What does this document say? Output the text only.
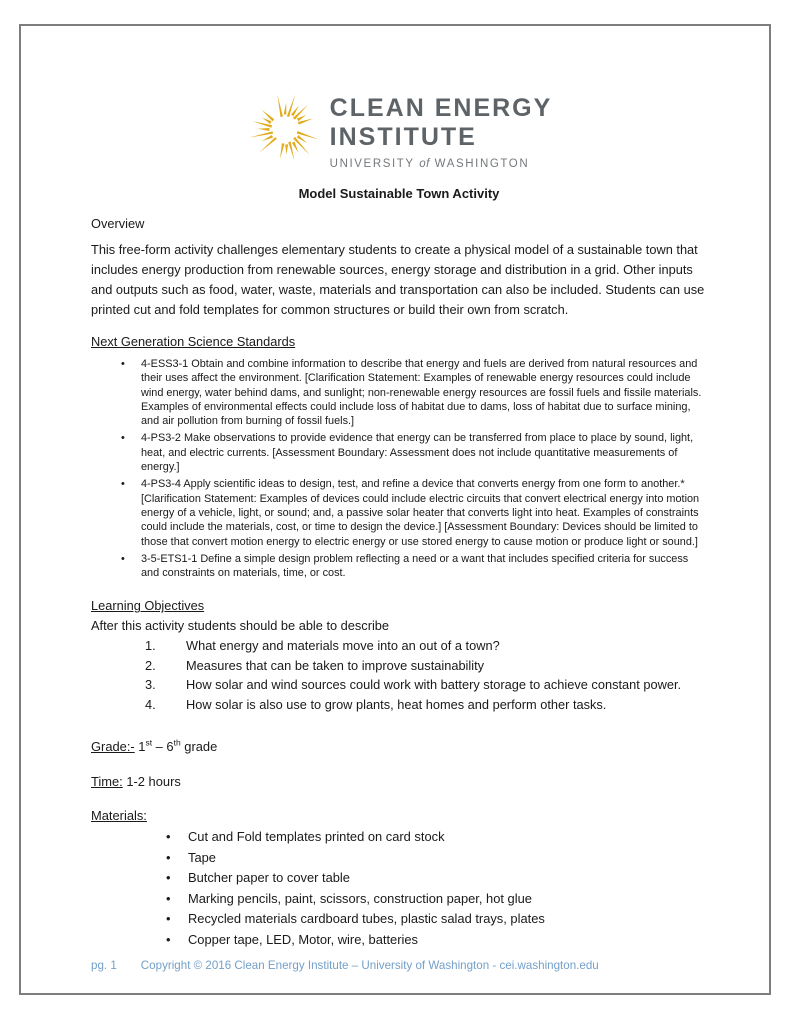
CLEAN ENERGY
INSTITUTE
UNIVERSITY of WASHINGTON
Model Sustainable Town Activity
Overview
This free-form activity challenges elementary students to create a physical model of a sustainable town that includes energy production from renewable sources, energy storage and distribution in a grid. Other inputs and outputs such as food, water, waste, materials and transportation can also be included. Students can use printed cut and fold templates for common structures or build their own from scratch.
Next Generation Science Standards
• 4-ESS3-1 Obtain and combine information to describe that energy and fuels are derived from natural resources and their uses affect the environment. [Clarification Statement: Examples of renewable energy resources could include wind energy, water behind dams, and sunlight; non-renewable energy resources are fossil fuels and fissile materials. Examples of environmental effects could include loss of habitat due to dams, loss of habitat due to surface mining, and air pollution from burning of fossil fuels.]
• 4-PS3-2 Make observations to provide evidence that energy can be transferred from place to place by sound, light, heat, and electric currents. [Assessment Boundary: Assessment does not include quantitative measurements of energy.]
• 4-PS3-4 Apply scientific ideas to design, test, and refine a device that converts energy from one form to another.* [Clarification Statement: Examples of devices could include electric circuits that convert electrical energy into motion energy of a vehicle, light, or sound; and, a passive solar heater that converts light into heat. Examples of constraints could include the materials, cost, or time to design the device.] [Assessment Boundary: Devices should be limited to those that convert motion energy to electric energy or use stored energy to cause motion or produce light or sound.]
• 3-5-ETS1-1 Define a simple design problem reflecting a need or a want that includes specified criteria for success and constraints on materials, time, or cost.
Learning Objectives
After this activity students should be able to describe
What energy and materials move into an out of a town?
Measures that can be taken to improve sustainability
How solar and wind sources could work with battery storage to achieve constant power.
How solar is also use to grow plants, heat homes and perform other tasks.
Grade:- 1st – 6th grade
Time: 1-2 hours
Materials:
• Cut and Fold templates printed on card stock
• Tape
• Butcher paper to cover table
• Marking pencils, paint, scissors, construction paper, hot glue
• Recycled materials cardboard tubes, plastic salad trays, plates
• Copper tape, LED, Motor, wire, batteries
pg. 1 Copyright © 2016 Clean Energy Institute – University of Washington - cei.washington.edu
